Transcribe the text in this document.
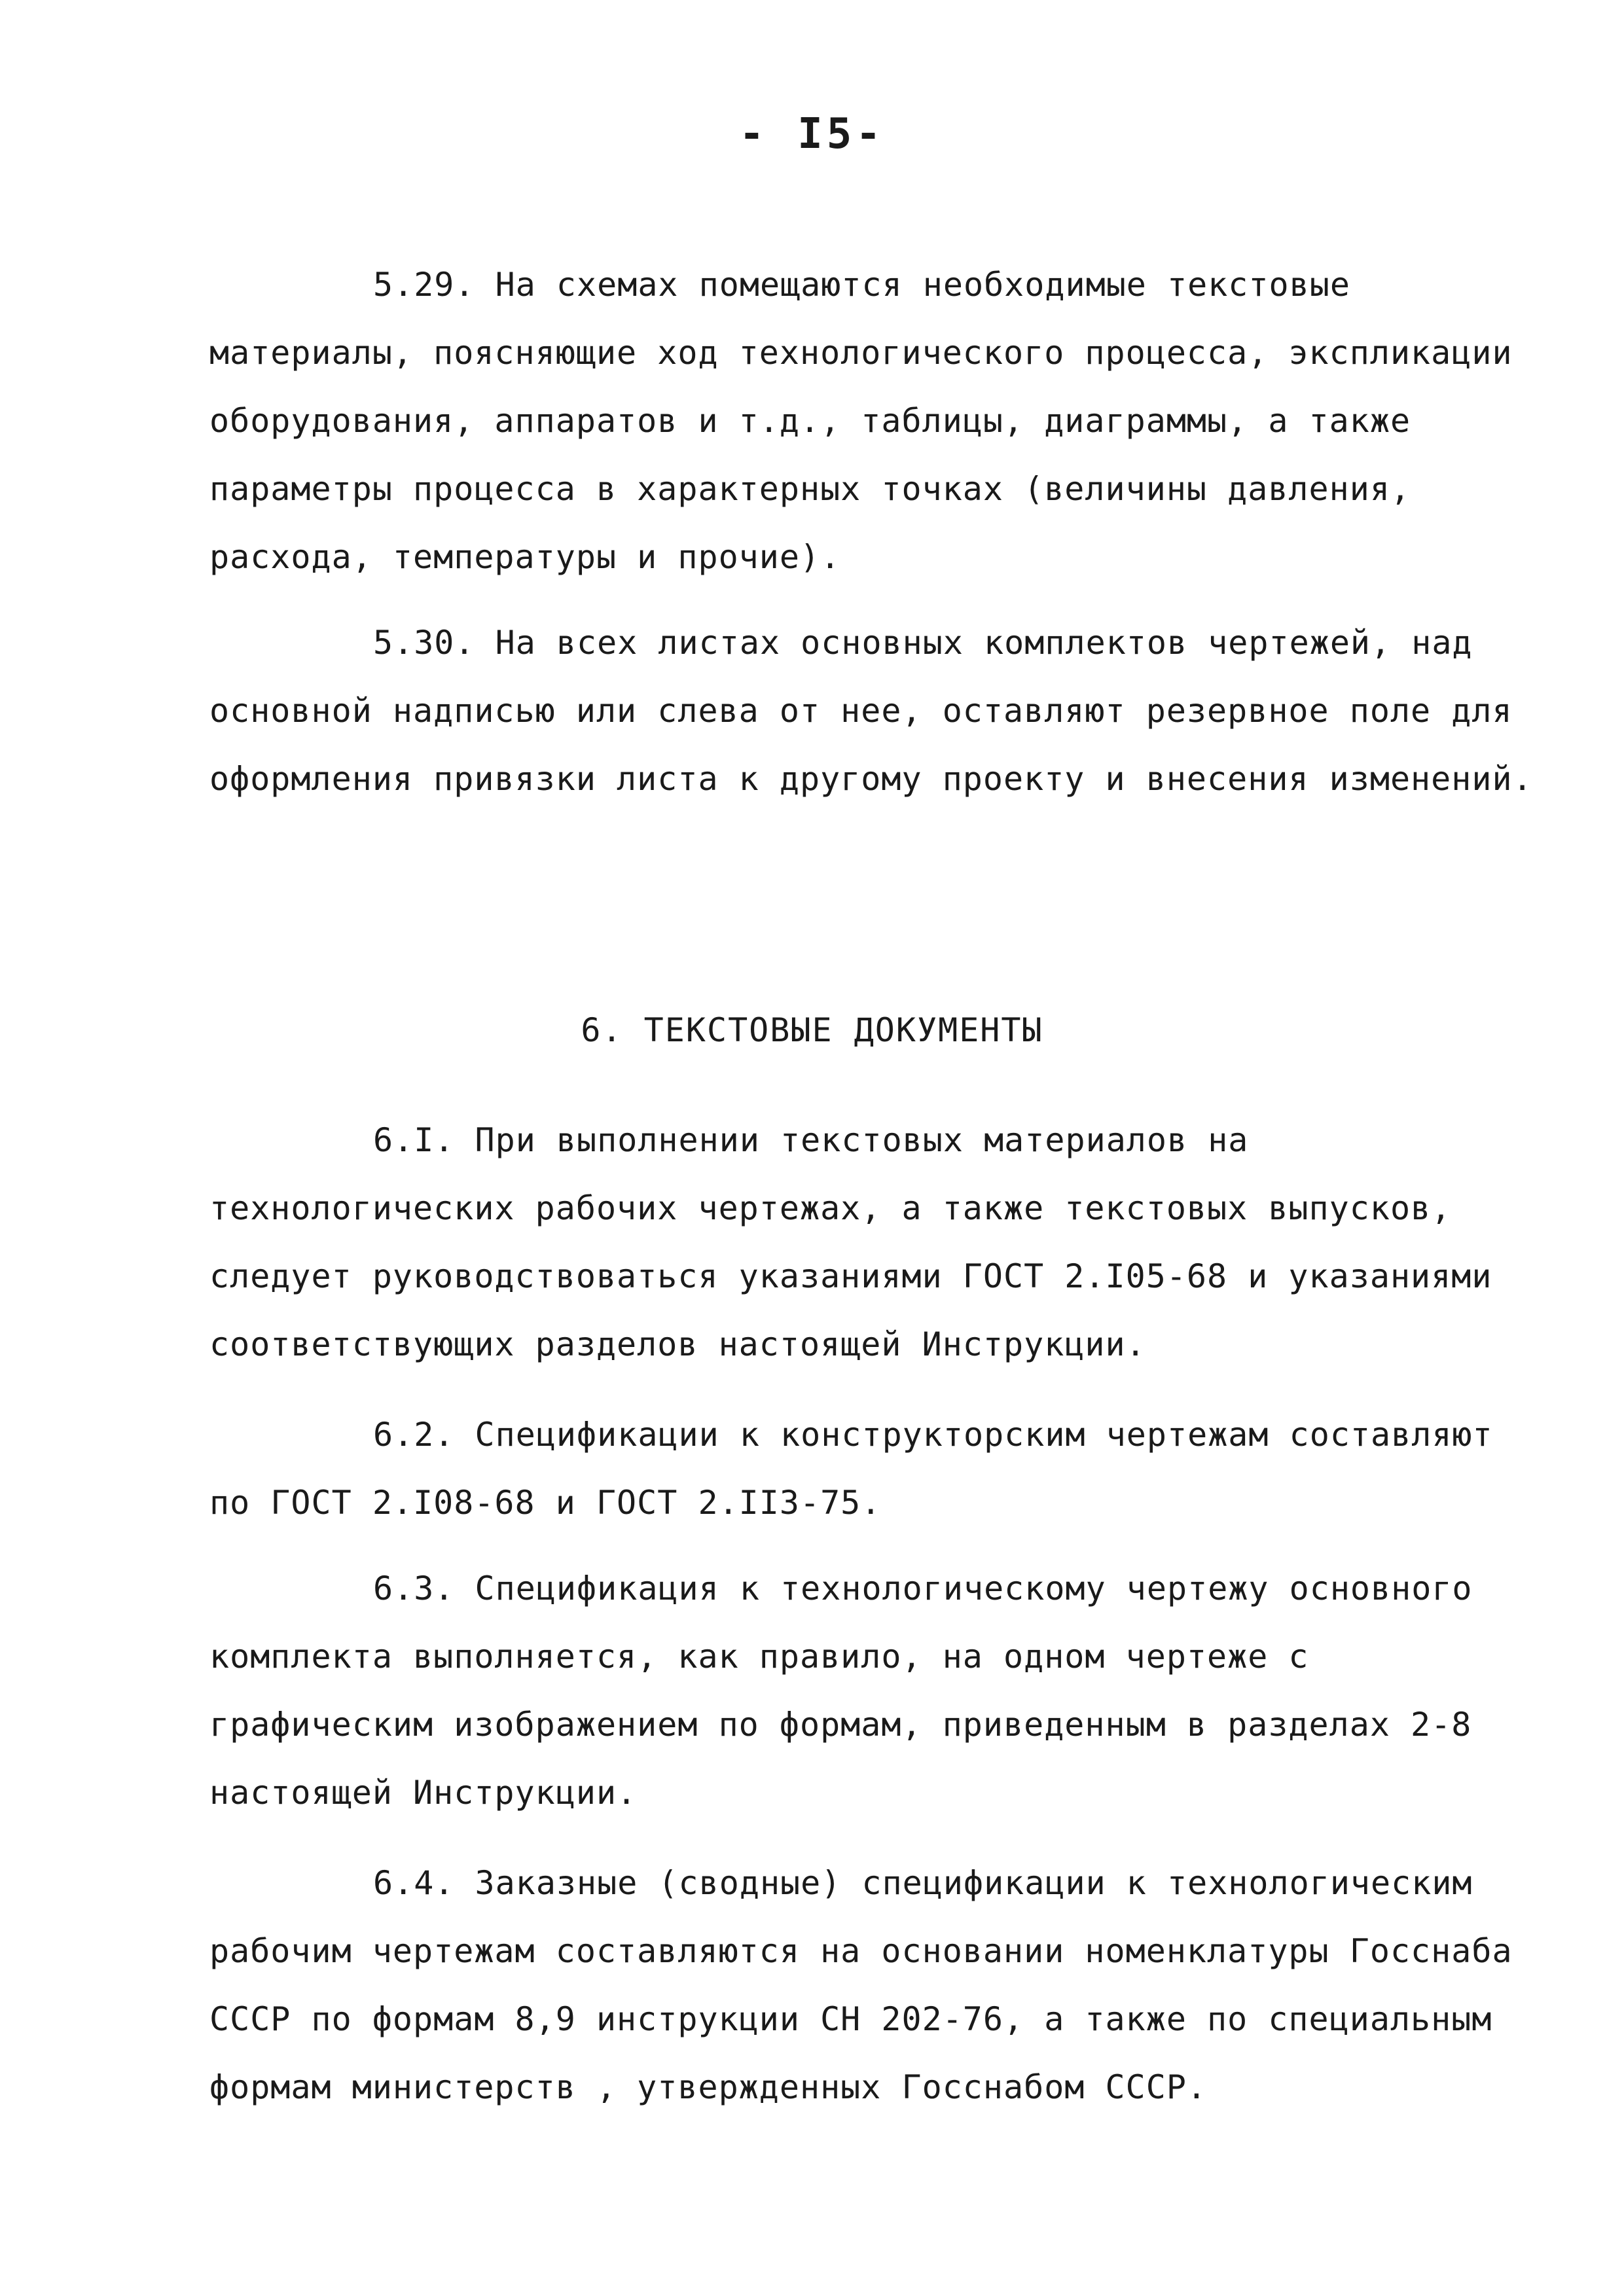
- I5-

5.29. На схемах помещаются необходимые текстовые материалы, поясняющие ход технологического процесса, экспликации оборудования, аппаратов и т.д., таблицы, диаграммы, а также параметры процесса в характерных точках (величины давления, расхода, температуры и прочие).

5.30. На всех листах основных комплектов чертежей, над основной надписью или слева от нее, оставляют резервное поле для оформления привязки листа к другому проекту и внесения изменений.

6. ТЕКСТОВЫЕ ДОКУМЕНТЫ

6.I. При выполнении текстовых материалов на технологических рабочих чертежах, а также текстовых выпусков, следует руководствоваться указаниями ГОСТ 2.I05-68 и указаниями соответствующих разделов настоящей Инструкции.

6.2. Спецификации к конструкторским чертежам составляют по ГОСТ 2.I08-68 и ГОСТ 2.II3-75.

6.3. Спецификация к технологическому чертежу основного комплекта выполняется, как правило, на одном чертеже с графическим изображением по формам, приведенным в разделах 2-8 настоящей Инструкции.

6.4. Заказные (сводные) спецификации к технологическим рабочим чертежам составляются на основании номенклатуры Госснаба СССР по формам 8,9 инструкции СН 202-76, а также по специальным формам министерств , утвержденных Госснабом СССР.
